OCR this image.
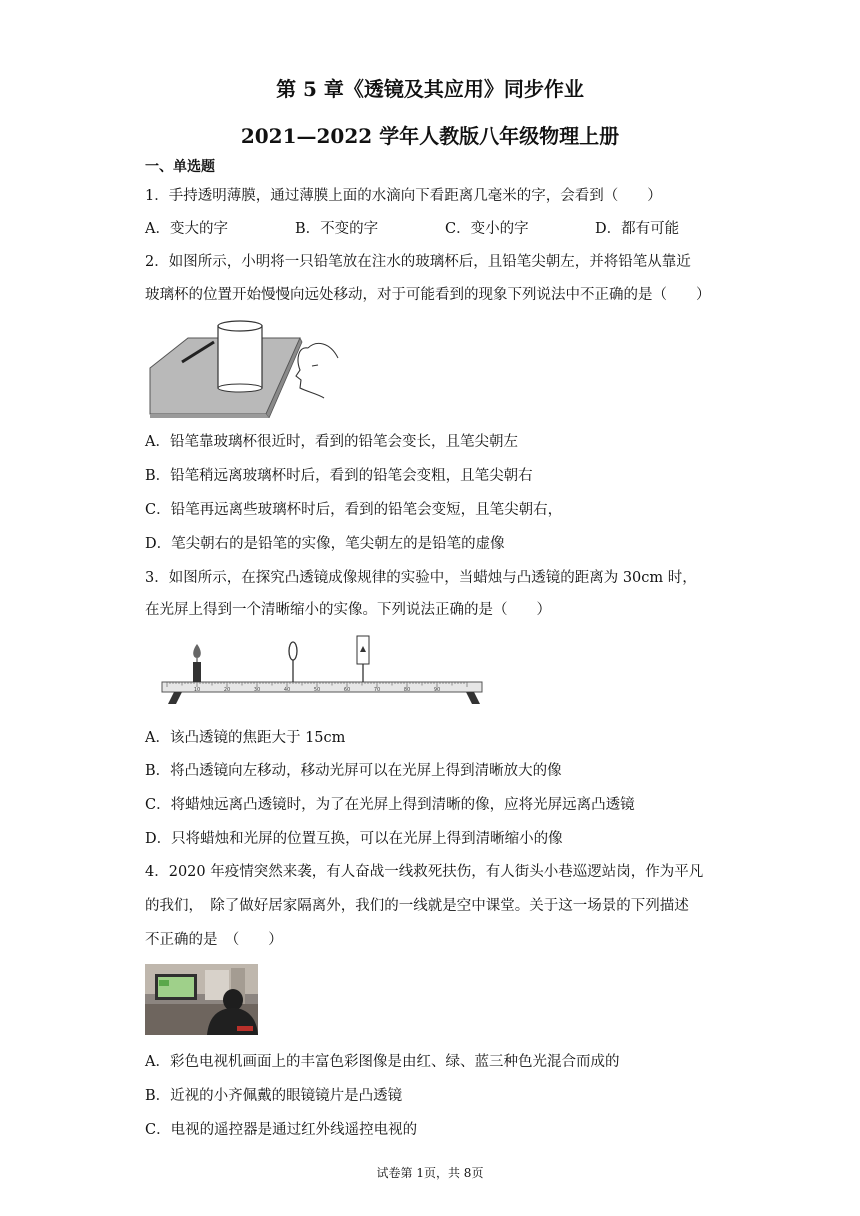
第 5 章《透镜及其应用》同步作业
2021—2022 学年人教版八年级物理上册
一、单选题
1．手持透明薄膜，通过薄膜上面的水滴向下看距离几毫米的字，会看到（　　）
A．变大的字	B．不变的字	C．变小的字	D．都有可能
2．如图所示，小明将一只铅笔放在注水的玻璃杯后，且铅笔尖朝左，并将铅笔从靠近
玻璃杯的位置开始慢慢向远处移动，对于可能看到的现象下列说法中不正确的是（　　）
A．铅笔靠玻璃杯很近时，看到的铅笔会变长，且笔尖朝左
B．铅笔稍远离玻璃杯时后，看到的铅笔会变粗，且笔尖朝右
C．铅笔再远离些玻璃杯时后，看到的铅笔会变短，且笔尖朝右，
D．笔尖朝右的是铅笔的实像，笔尖朝左的是铅笔的虚像
3．如图所示，在探究凸透镜成像规律的实验中，当蜡烛与凸透镜的距离为 30cm 时，
在光屏上得到一个清晰缩小的实像。下列说法正确的是（　　）
10	20	30	40	50	60	70	80	90
A．该凸透镜的焦距大于 15cm
B．将凸透镜向左移动，移动光屏可以在光屏上得到清晰放大的像
C．将蜡烛远离凸透镜时，为了在光屏上得到清晰的像，应将光屏远离凸透镜
D．只将蜡烛和光屏的位置互换，可以在光屏上得到清晰缩小的像
4．2020 年疫情突然来袭，有人奋战一线救死扶伤，有人街头小巷巡逻站岗，作为平凡
的我们，　除了做好居家隔离外，我们的一线就是空中课堂。关于这一场景的下列描述
不正确的是　（　　）
A．彩色电视机画面上的丰富色彩图像是由红、绿、蓝三种色光混合而成的
B．近视的小齐佩戴的眼镜镜片是凸透镜
C．电视的遥控器是通过红外线遥控电视的
试卷第 1页，共 8页
